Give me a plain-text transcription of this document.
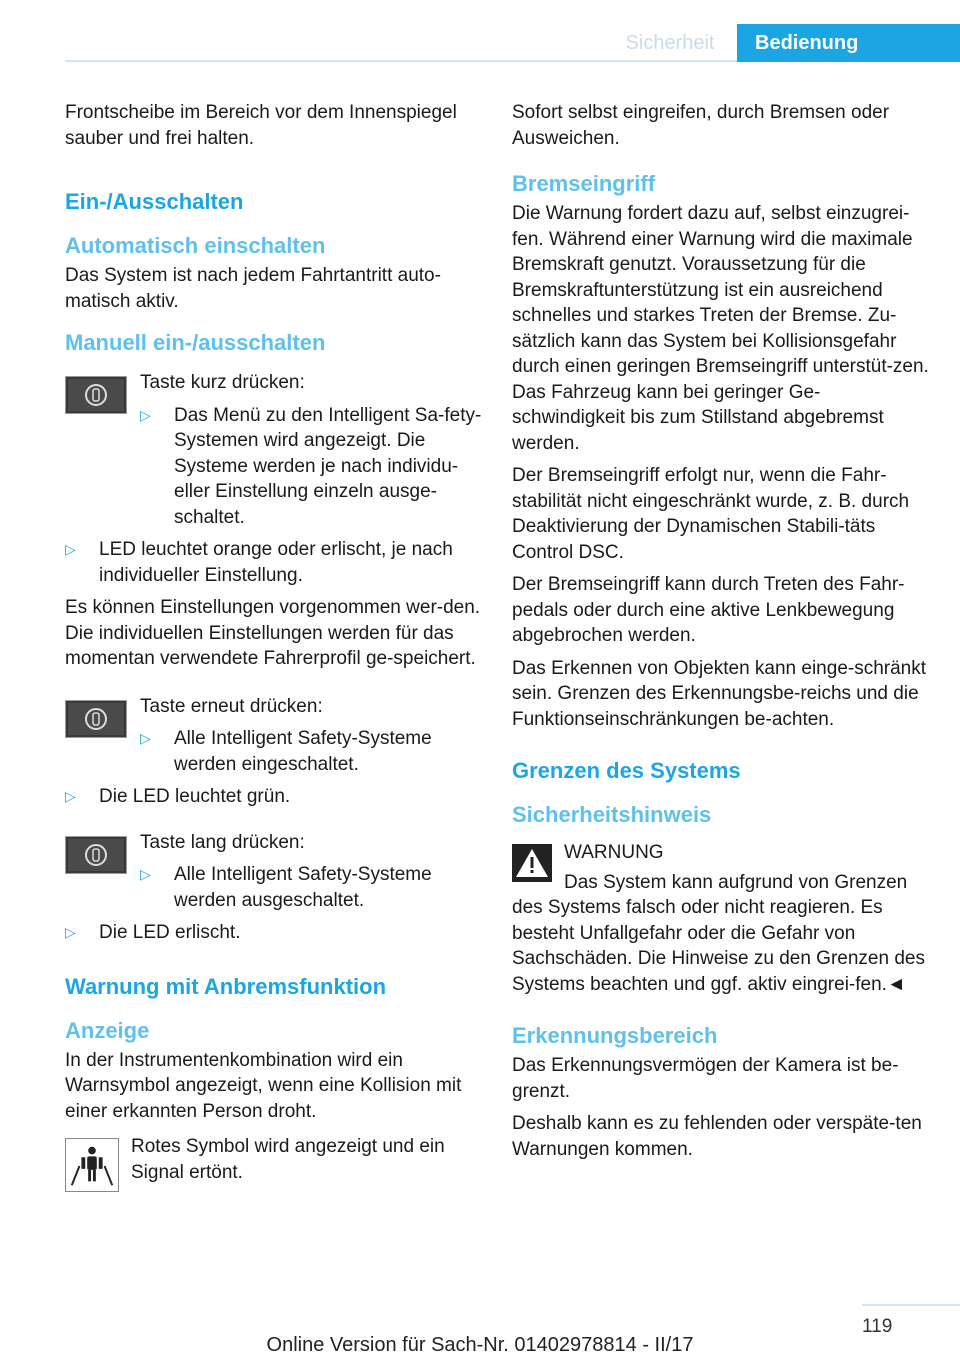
Sicherheit	Bedienung

Frontscheibe im Bereich vor dem Innenspiegel sauber und frei halten.

Ein-/Ausschalten
Automatisch einschalten

Das System ist nach jedem Fahrtantritt auto-matisch aktiv.

Manuell ein-/ausschalten

Taste kurz drücken:

▷ Das Menü zu den Intelligent Sa-fety-Systemen wird angezeigt. Die Systeme werden je nach individu-eller Einstellung einzeln ausge-schaltet.
▷ LED leuchtet orange oder erlischt, je nach individueller Einstellung.

Es können Einstellungen vorgenommen wer-den. Die individuellen Einstellungen werden für das momentan verwendete Fahrerprofil ge-speichert.

Taste erneut drücken:

▷ Alle Intelligent Safety-Systeme werden eingeschaltet.
▷ Die LED leuchtet grün.

Taste lang drücken:

▷ Alle Intelligent Safety-Systeme werden ausgeschaltet.
▷ Die LED erlischt.
Warnung mit Anbremsfunktion
Anzeige

In der Instrumentenkombination wird ein Warnsymbol angezeigt, wenn eine Kollision mit einer erkannten Person droht.

Rotes Symbol wird angezeigt und ein Signal ertönt.

Sofort selbst eingreifen, durch Bremsen oder Ausweichen.

Bremseingriff

Die Warnung fordert dazu auf, selbst einzugrei-fen. Während einer Warnung wird die maximale Bremskraft genutzt. Voraussetzung für die Bremskraftunterstützung ist ein ausreichend schnelles und starkes Treten der Bremse. Zu-sätzlich kann das System bei Kollisionsgefahr durch einen geringen Bremseingriff unterstüt-zen. Das Fahrzeug kann bei geringer Ge-schwindigkeit bis zum Stillstand abgebremst werden.

Der Bremseingriff erfolgt nur, wenn die Fahr-stabilität nicht eingeschränkt wurde, z. B. durch Deaktivierung der Dynamischen Stabili-täts Control DSC.

Der Bremseingriff kann durch Treten des Fahr-pedals oder durch eine aktive Lenkbewegung abgebrochen werden.

Das Erkennen von Objekten kann einge-schränkt sein. Grenzen des Erkennungsbe-reichs und die Funktionseinschränkungen be-achten.

Grenzen des Systems
Sicherheitshinweis

WARNUNG

Das System kann aufgrund von Grenzen des Systems falsch oder nicht reagieren. Es besteht Unfallgefahr oder die Gefahr von Sachschäden. Die Hinweise zu den Grenzen des Systems beachten und ggf. aktiv eingrei-fen.◄

Erkennungsbereich

Das Erkennungsvermögen der Kamera ist be-grenzt.

Deshalb kann es zu fehlenden oder verspäte-ten Warnungen kommen.

119
Online Version für Sach-Nr. 01402978814 - II/17
